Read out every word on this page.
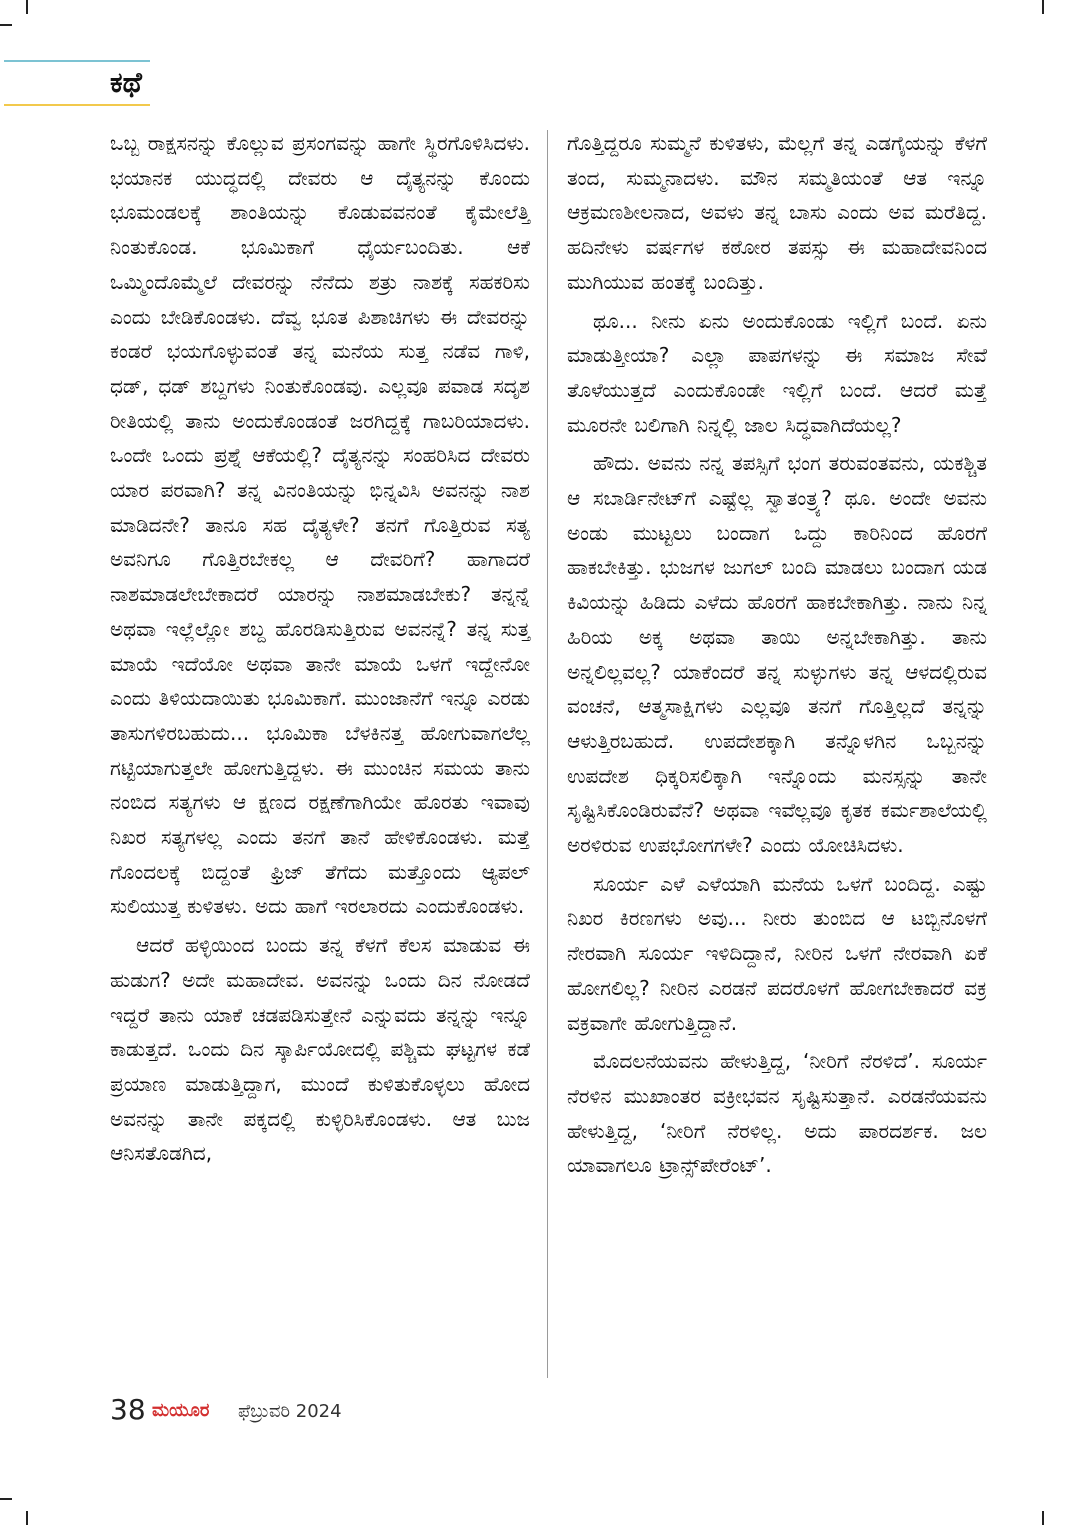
ಕಥೆ

ಒಬ್ಬ ರಾಕ್ಷಸನನ್ನು ಕೊಲ್ಲುವ ಪ್ರಸಂಗವನ್ನು ಹಾಗೇ ಸ್ಥಿರಗೊಳಿಸಿದಳು. ಭಯಾನಕ ಯುದ್ಧದಲ್ಲಿ ದೇವರು ಆ ದೈತ್ಯನನ್ನು ಕೊಂದು ಭೂಮಂಡಲಕ್ಕೆ ಶಾಂತಿಯನ್ನು ಕೊಡುವವನಂತೆ ಕೈಮೇಲೆತ್ತಿ ನಿಂತುಕೊಂಡ. ಭೂಮಿಕಾಗೆ ಧೈರ್ಯಬಂದಿತು. ಆಕೆ ಒಮ್ಮಿಂದೊಮ್ಮೆಲೆ ದೇವರನ್ನು ನೆನೆದು ಶತ್ರು ನಾಶಕ್ಕೆ ಸಹಕರಿಸು ಎಂದು ಬೇಡಿಕೊಂಡಳು. ದೆವ್ವ ಭೂತ ಪಿಶಾಚಿಗಳು ಈ ದೇವರನ್ನು ಕಂಡರೆ ಭಯಗೊಳ್ಳುವಂತೆ ತನ್ನ ಮನೆಯ ಸುತ್ತ ನಡೆವ ಗಾಳಿ, ಧಡ್, ಧಡ್ ಶಬ್ದಗಳು ನಿಂತುಕೊಂಡವು. ಎಲ್ಲವೂ ಪವಾಡ ಸದೃಶ ರೀತಿಯಲ್ಲಿ ತಾನು ಅಂದುಕೊಂಡಂತೆ ಜರಗಿದ್ದಕ್ಕೆ ಗಾಬರಿಯಾದಳು. ಒಂದೇ ಒಂದು ಪ್ರಶ್ನೆ ಆಕೆಯಲ್ಲಿ? ದೈತ್ಯನನ್ನು ಸಂಹರಿಸಿದ ದೇವರು ಯಾರ ಪರವಾಗಿ? ತನ್ನ ವಿನಂತಿಯನ್ನು ಭಿನ್ನವಿಸಿ ಅವನನ್ನು ನಾಶ ಮಾಡಿದನೇ? ತಾನೂ ಸಹ ದೈತ್ಯಳೇ? ತನಗೆ ಗೊತ್ತಿರುವ ಸತ್ಯ ಅವನಿಗೂ ಗೊತ್ತಿರಬೇಕಲ್ಲ ಆ ದೇವರಿಗೆ? ಹಾಗಾದರೆ ನಾಶಮಾಡಲೇಬೇಕಾದರೆ ಯಾರನ್ನು ನಾಶಮಾಡಬೇಕು? ತನ್ನನ್ನೆ ಅಥವಾ ಇಲ್ಲೆಲ್ಲೋ ಶಬ್ದ ಹೊರಡಿಸುತ್ತಿರುವ ಅವನನ್ನೆ? ತನ್ನ ಸುತ್ತ ಮಾಯೆ ಇದೆಯೋ ಅಥವಾ ತಾನೇ ಮಾಯೆ ಒಳಗೆ ಇದ್ದೇನೋ ಎಂದು ತಿಳಿಯದಾಯಿತು ಭೂಮಿಕಾಗೆ. ಮುಂಜಾನೆಗೆ ಇನ್ನೂ ಎರಡು ತಾಸುಗಳಿರಬಹುದು... ಭೂಮಿಕಾ ಬೆಳಕಿನತ್ತ ಹೋಗುವಾಗಲೆಲ್ಲ ಗಟ್ಟಿಯಾಗುತ್ತಲೇ ಹೋಗುತ್ತಿದ್ದಳು. ಈ ಮುಂಚಿನ ಸಮಯ ತಾನು ನಂಬಿದ ಸತ್ಯಗಳು ಆ ಕ್ಷಣದ ರಕ್ಷಣೆಗಾಗಿಯೇ ಹೊರತು ಇವಾವು ನಿಖರ ಸತ್ಯಗಳಲ್ಲ ಎಂದು ತನಗೆ ತಾನೆ ಹೇಳಿಕೊಂಡಳು. ಮತ್ತೆ ಗೊಂದಲಕ್ಕೆ ಬಿದ್ದಂತೆ ಫ್ರಿಜ್ ತೆಗೆದು ಮತ್ತೊಂದು ಆ್ಯಪಲ್ ಸುಲಿಯುತ್ತ ಕುಳಿತಳು. ಅದು ಹಾಗೆ ಇರಲಾರದು ಎಂದುಕೊಂಡಳು.

ಆದರೆ ಹಳ್ಳಿಯಿಂದ ಬಂದು ತನ್ನ ಕೆಳಗೆ ಕೆಲಸ ಮಾಡುವ ಈ ಹುಡುಗ? ಅದೇ ಮಹಾದೇವ. ಅವನನ್ನು ಒಂದು ದಿನ ನೋಡದೆ ಇದ್ದರೆ ತಾನು ಯಾಕೆ ಚಡಪಡಿಸುತ್ತೇನೆ ಎನ್ನುವದು ತನ್ನನ್ನು ಇನ್ನೂ ಕಾಡುತ್ತದೆ. ಒಂದು ದಿನ ಸ್ಕಾರ್ಪಿಯೋದಲ್ಲಿ ಪಶ್ಚಿಮ ಘಟ್ಟಗಳ ಕಡೆ ಪ್ರಯಾಣ ಮಾಡುತ್ತಿದ್ದಾಗ, ಮುಂದೆ ಕುಳಿತುಕೊಳ್ಳಲು ಹೋದ ಅವನನ್ನು ತಾನೇ ಪಕ್ಕದಲ್ಲಿ ಕುಳ್ಳಿರಿಸಿಕೊಂಡಳು. ಆತ ಬುಜ ಆನಿಸತೊಡಗಿದ,

ಗೊತ್ತಿದ್ದರೂ ಸುಮ್ಮನೆ ಕುಳಿತಳು, ಮೆಲ್ಲಗೆ ತನ್ನ ಎಡಗೈಯನ್ನು ಕೆಳಗೆ ತಂದ, ಸುಮ್ಮನಾದಳು. ಮೌನ ಸಮ್ಮತಿಯಂತೆ ಆತ ಇನ್ನೂ ಆಕ್ರಮಣಶೀಲನಾದ, ಅವಳು ತನ್ನ ಬಾಸು ಎಂದು ಅವ ಮರೆತಿದ್ದ. ಹದಿನೇಳು ವರ್ಷಗಳ ಕಠೋರ ತಪಸ್ಸು ಈ ಮಹಾದೇವನಿಂದ ಮುಗಿಯುವ ಹಂತಕ್ಕೆ ಬಂದಿತ್ತು.

ಥೂ... ನೀನು ಏನು ಅಂದುಕೊಂಡು ಇಲ್ಲಿಗೆ ಬಂದೆ. ಏನು ಮಾಡುತ್ತೀಯಾ? ಎಲ್ಲಾ ಪಾಪಗಳನ್ನು ಈ ಸಮಾಜ ಸೇವೆ ತೊಳೆಯುತ್ತದೆ ಎಂದುಕೊಂಡೇ ಇಲ್ಲಿಗೆ ಬಂದೆ. ಆದರೆ ಮತ್ತೆ ಮೂರನೇ ಬಲಿಗಾಗಿ ನಿನ್ನಲ್ಲಿ ಜಾಲ ಸಿದ್ಧವಾಗಿದೆಯಲ್ಲ?

ಹೌದು. ಅವನು ನನ್ನ ತಪಸ್ಸಿಗೆ ಭಂಗ ತರುವಂತವನು, ಯಕಶ್ಚಿತ ಆ ಸಬಾರ್ಡಿನೇಟ್‌ಗೆ ಎಷ್ಟೆಲ್ಲ ಸ್ವಾತಂತ್ರ್ಯ? ಥೂ. ಅಂದೇ ಅವನು ಅಂಡು ಮುಟ್ಟಲು ಬಂದಾಗ ಒದ್ದು ಕಾರಿನಿಂದ ಹೊರಗೆ ಹಾಕಬೇಕಿತ್ತು. ಭುಜಗಳ ಜುಗಲ್ ಬಂದಿ ಮಾಡಲು ಬಂದಾಗ ಯಡ ಕಿವಿಯನ್ನು ಹಿಡಿದು ಎಳೆದು ಹೊರಗೆ ಹಾಕಬೇಕಾಗಿತ್ತು. ನಾನು ನಿನ್ನ ಹಿರಿಯ ಅಕ್ಕ ಅಥವಾ ತಾಯಿ ಅನ್ನಬೇಕಾಗಿತ್ತು. ತಾನು ಅನ್ನಲಿಲ್ಲವಲ್ಲ? ಯಾಕೆಂದರೆ ತನ್ನ ಸುಳ್ಳುಗಳು ತನ್ನ ಆಳದಲ್ಲಿರುವ ವಂಚನೆ, ಆತ್ಮಸಾಕ್ಷಿಗಳು ಎಲ್ಲವೂ ತನಗೆ ಗೊತ್ತಿಲ್ಲದೆ ತನ್ನನ್ನು ಆಳುತ್ತಿರಬಹುದೆ. ಉಪದೇಶಕ್ಕಾಗಿ ತನ್ನೊಳಗಿನ ಒಬ್ಬನನ್ನು ಉಪದೇಶ ಧಿಕ್ಕರಿಸಲಿಕ್ಕಾಗಿ ಇನ್ನೊಂದು ಮನಸ್ಸನ್ನು ತಾನೇ ಸೃಷ್ಟಿಸಿಕೊಂಡಿರುವೆನೆ? ಅಥವಾ ಇವೆಲ್ಲವೂ ಕೃತಕ ಕರ್ಮಶಾಲೆಯಲ್ಲಿ ಅರಳಿರುವ ಉಪಭೋಗಗಳೇ? ಎಂದು ಯೋಚಿಸಿದಳು.

ಸೂರ್ಯ ಎಳೆ ಎಳೆಯಾಗಿ ಮನೆಯ ಒಳಗೆ ಬಂದಿದ್ದ. ಎಷ್ಟು ನಿಖರ ಕಿರಣಗಳು ಅವು... ನೀರು ತುಂಬಿದ ಆ ಟಬ್ಬಿನೊಳಗೆ ನೇರವಾಗಿ ಸೂರ್ಯ ಇಳಿದಿದ್ದಾನೆ, ನೀರಿನ ಒಳಗೆ ನೇರವಾಗಿ ಏಕೆ ಹೋಗಲಿಲ್ಲ? ನೀರಿನ ಎರಡನೆ ಪದರೊಳಗೆ ಹೋಗಬೇಕಾದರೆ ವಕ್ರ ವಕ್ರವಾಗೇ ಹೋಗುತ್ತಿದ್ದಾನೆ.

ಮೊದಲನೆಯವನು ಹೇಳುತ್ತಿದ್ದ, ‘ನೀರಿಗೆ ನೆರಳಿದೆ’. ಸೂರ್ಯ ನೆರಳಿನ ಮುಖಾಂತರ ವಕ್ರೀಭವನ ಸೃಷ್ಟಿಸುತ್ತಾನೆ. ಎರಡನೆಯವನು ಹೇಳುತ್ತಿದ್ದ, ‘ನೀರಿಗೆ ನೆರಳಿಲ್ಲ. ಅದು ಪಾರದರ್ಶಕ. ಜಲ ಯಾವಾಗಲೂ ಟ್ರಾನ್ಸ್‌ಪೇರೆಂಟ್’.

38 ಮಯೂರ ಫೆಬ್ರುವರಿ 2024
